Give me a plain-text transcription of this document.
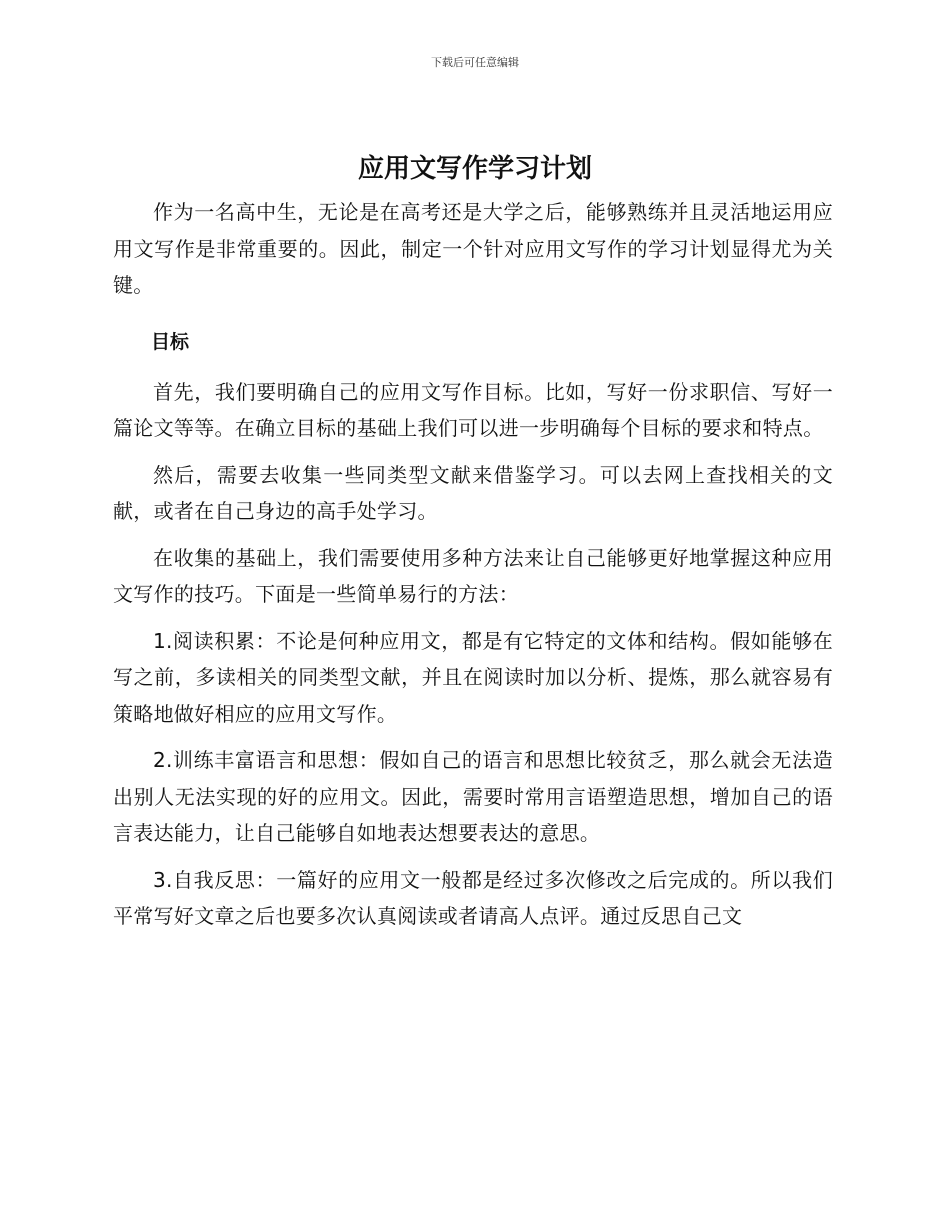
下载后可任意编辑
应用文写作学习计划

作为一名高中生，无论是在高考还是大学之后，能够熟练并且灵活地运用应用文写作是非常重要的。因此，制定一个针对应用文写作的学习计划显得尤为关键。

目标

首先，我们要明确自己的应用文写作目标。比如，写好一份求职信、写好一篇论文等等。在确立目标的基础上我们可以进一步明确每个目标的要求和特点。

然后，需要去收集一些同类型文献来借鉴学习。可以去网上查找相关的文献，或者在自己身边的高手处学习。

在收集的基础上，我们需要使用多种方法来让自己能够更好地掌握这种应用文写作的技巧。下面是一些简单易行的方法：

1.阅读积累：不论是何种应用文，都是有它特定的文体和结构。假如能够在写之前，多读相关的同类型文献，并且在阅读时加以分析、提炼，那么就容易有策略地做好相应的应用文写作。

2.训练丰富语言和思想：假如自己的语言和思想比较贫乏，那么就会无法造出别人无法实现的好的应用文。因此，需要时常用言语塑造思想，增加自己的语言表达能力，让自己能够自如地表达想要表达的意思。

3.自我反思：一篇好的应用文一般都是经过多次修改之后完成的。所以我们平常写好文章之后也要多次认真阅读或者请高人点评。通过反思自己文
